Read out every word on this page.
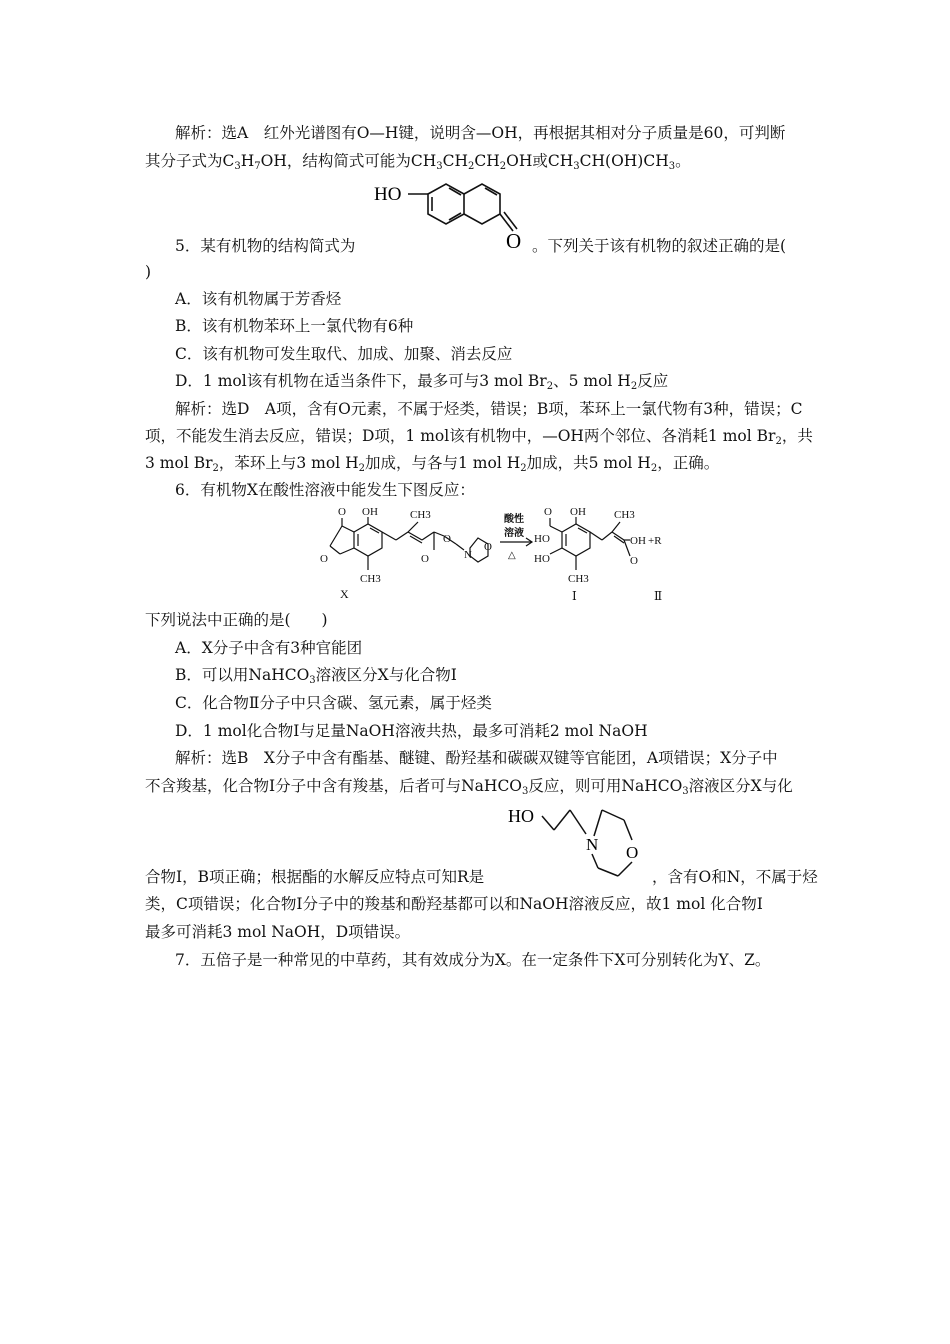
解析：选A　红外光谱图有O—H键，说明含—OH，再根据其相对分子质量是60，可判断
其分子式为$C_3H_7OH$，结构简式可能为$CH_3CH_2CH_2OH$或$CH_3CH(OH)CH_3$。
5．某有机物的结构简式为
HO
O 。下列关于该有机物的叙述正确的是(
)
A．该有机物属于芳香烃
B．该有机物苯环上一氯代物有6种
C．该有机物可发生取代、加成、加聚、消去反应
D．1 mol该有机物在适当条件下，最多可与3 mol $Br_2$、5 mol $H_2$反应
解析：选D　A项，含有O元素，不属于烃类，错误；B项，苯环上一氯代物有3种，错误；C
项，不能发生消去反应，错误；D项，1 mol该有机物中，—OH两个邻位、各消耗1 mol $Br_2$，共
3 mol $Br_2$，苯环上与3 mol $H_2$加成，与各与1 mol $H_2$加成，共5 mol $H_2$，正确。
6．有机物X在酸性溶液中能发生下图反应：
O OH	CH3
O
CH3
O
O
N
O
X
酸性
溶液
△
O OH	CH3
HO
HO
CH3
OH
O
+R
Ⅰ	Ⅱ
下列说法中正确的是(　　)
A．X分子中含有3种官能团
B．可以用NaHCO$_3$溶液区分X与化合物Ⅰ
C．化合物Ⅱ分子中只含碳、氢元素，属于烃类
D．1 mol化合物Ⅰ与足量NaOH溶液共热，最多可消耗2 mol NaOH
解析：选B　X分子中含有酯基、醚键、酚羟基和碳碳双键等官能团，A项错误；X分子中
不含羧基，化合物Ⅰ分子中含有羧基，后者可与NaHCO$_3$反应，则可用NaHCO$_3$溶液区分X与化
HO
N O
合物Ⅰ，B项正确；根据酯的水解反应特点可知R是	，含有O和N，不属于烃
类，C项错误；化合物Ⅰ分子中的羧基和酚羟基都可以和NaOH溶液反应，故1 mol 化合物Ⅰ
最多可消耗3 mol NaOH，D项错误。
7．五倍子是一种常见的中草药，其有效成分为X。在一定条件下X可分别转化为Y、Z。
